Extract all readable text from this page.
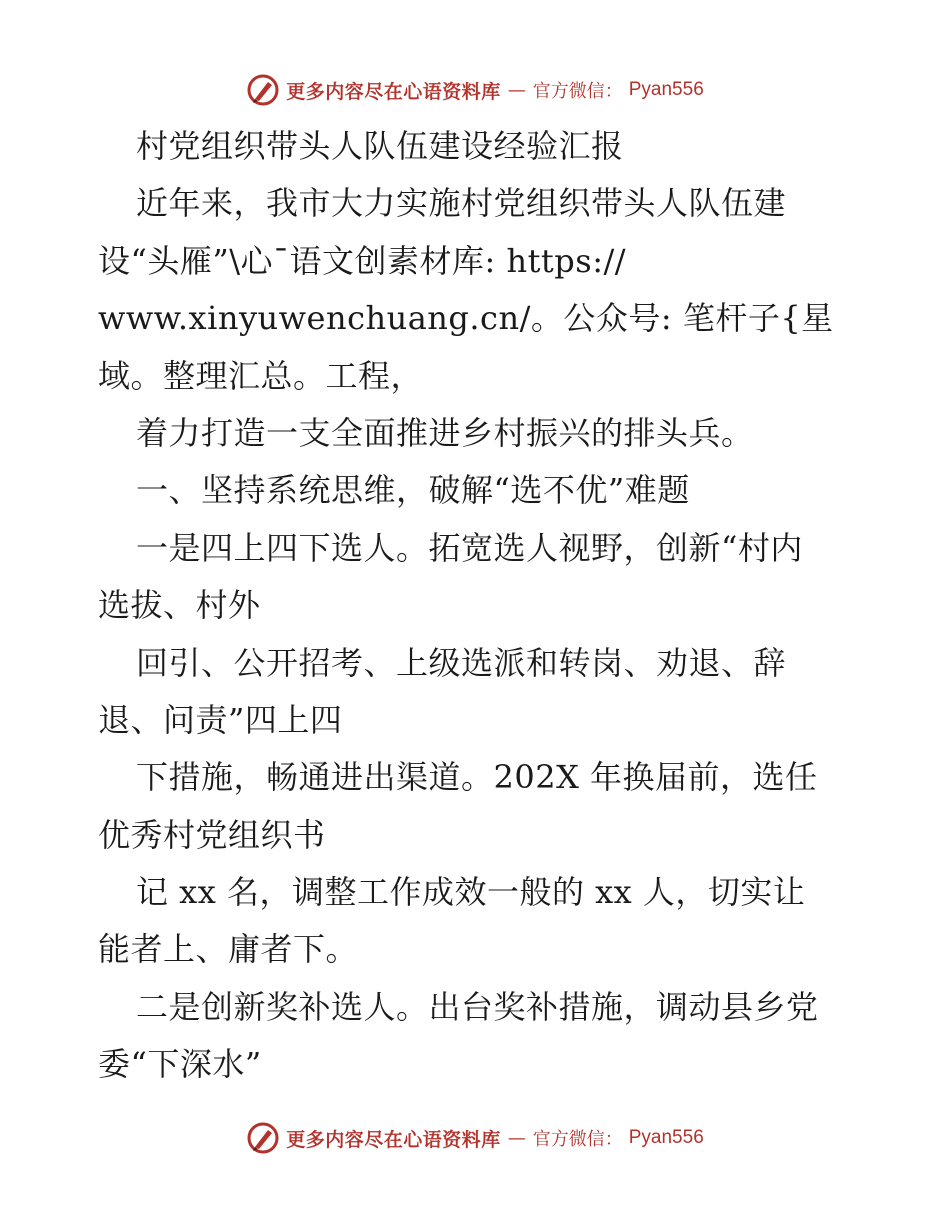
更多内容尽在心语资料库 — 官方微信： Pyan556
村党组织带头人队伍建设经验汇报
近年来，我市大力实施村党组织带头人队伍建
设“头雁”\心¯语文创素材库: https://
www.xinyuwenchuang.cn/。公众号: 笔杆子{星
域。整理汇总。工程，
着力打造一支全面推进乡村振兴的排头兵。
一、坚持系统思维，破解“选不优”难题
一是四上四下选人。拓宽选人视野，创新“村内
选拔、村外
回引、公开招考、上级选派和转岗、劝退、辞
退、问责”四上四
下措施，畅通进出渠道。202X 年换届前，选任
优秀村党组织书
记 xx 名，调整工作成效一般的 xx 人，切实让
能者上、庸者下。
二是创新奖补选人。出台奖补措施，调动县乡党
委“下深水”
更多内容尽在心语资料库 — 官方微信： Pyan556
